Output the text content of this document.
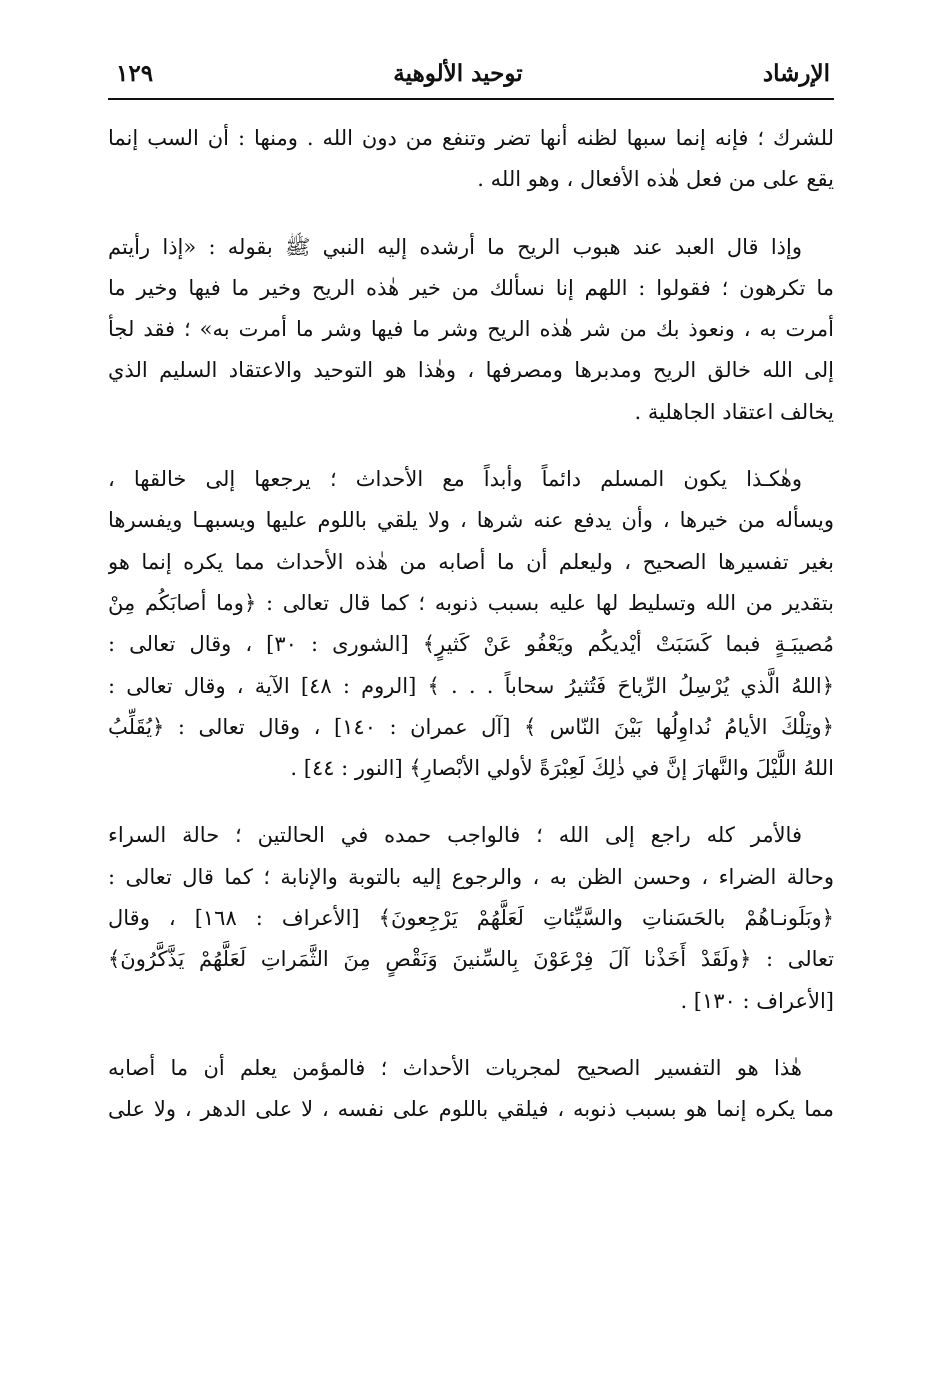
الإرشاد
توحيد الألوهية
١٢٩
للشرك ؛ فإنه إنما سبها لظنه أنها تضر وتنفع من دون الله . ومنها : أن السب إنما
يقع على من فعل هٰذه الأفعال ، وهو الله .
وإذا قال العبد عند هبوب الريح ما أرشده إليه النبي ﷺ بقوله : «إذا رأيتم
ما تكرهون ؛ فقولوا : اللهم إنا نسألك من خير هٰذه الريح وخير ما فيها وخير ما
أمرت به ، ونعوذ بك من شر هٰذه الريح وشر ما فيها وشر ما أمرت به» ؛ فقد لجأ
إلى الله خالق الريح ومدبرها ومصرفها ، وهٰذا هو التوحيد والاعتقاد السليم الذي
يخالف اعتقاد الجاهلية .
وهٰكـذا يكون المسلم دائماً وأبداً مع الأحداث ؛ يرجعها إلى خالقها ،
ويسأله من خيرها ، وأن يدفع عنه شرها ، ولا يلقي باللوم عليها ويسبهـا ويفسرها
بغير تفسيرها الصحيح ، وليعلم أن ما أصابه من هٰذه الأحداث مما يكره إنما هو
بتقدير من الله وتسليط لها عليه بسبب ذنوبه ؛ كما قال تعالى : ﴿وما أصابَكُم مِنْ
مُصيبَـةٍ فبما كَسَبَتْ أيْديكُم ويَعْفُو عَنْ كَثيرٍ﴾ [الشورى : ٣٠] ، وقال تعالى :
﴿اللهُ الَّذي يُرْسِلُ الرِّياحَ فَتُثيرُ سحاباً . . . ﴾ [الروم : ٤٨] الآية ، وقال تعالى :
﴿وتِلْكَ الأيامُ نُداوِلُها بَيْنَ النّاس ﴾ [آل عمران : ١٤٠] ، وقال تعالى : ﴿يُقَلِّبُ
اللهُ اللَّيْلَ والنَّهارَ إنَّ في ذٰلِكَ لَعِبْرَةً لأولي الأبْصارِ﴾ [النور : ٤٤] .
فالأمر كله راجع إلى الله ؛ فالواجب حمده في الحالتين ؛ حالة السراء
وحالة الضراء ، وحسن الظن به ، والرجوع إليه بالتوبة والإنابة ؛ كما قال تعالى :
﴿وبَلَونـاهُمْ بالحَسَناتِ والسَّيِّئاتِ لَعَلَّهُمْ يَرْجِعونَ﴾ [الأعراف : ١٦٨] ، وقال
تعالى : ﴿ولَقَدْ أَخَذْنا آلَ فِرْعَوْنَ بِالسِّنينَ وَنَقْصٍ مِنَ الثَّمَراتِ لَعَلَّهُمْ يَذَّكَّرُونَ﴾
[الأعراف : ١٣٠] .
هٰذا هو التفسير الصحيح لمجريات الأحداث ؛ فالمؤمن يعلم أن ما أصابه
مما يكره إنما هو بسبب ذنوبه ، فيلقي باللوم على نفسه ، لا على الدهر ، ولا على
